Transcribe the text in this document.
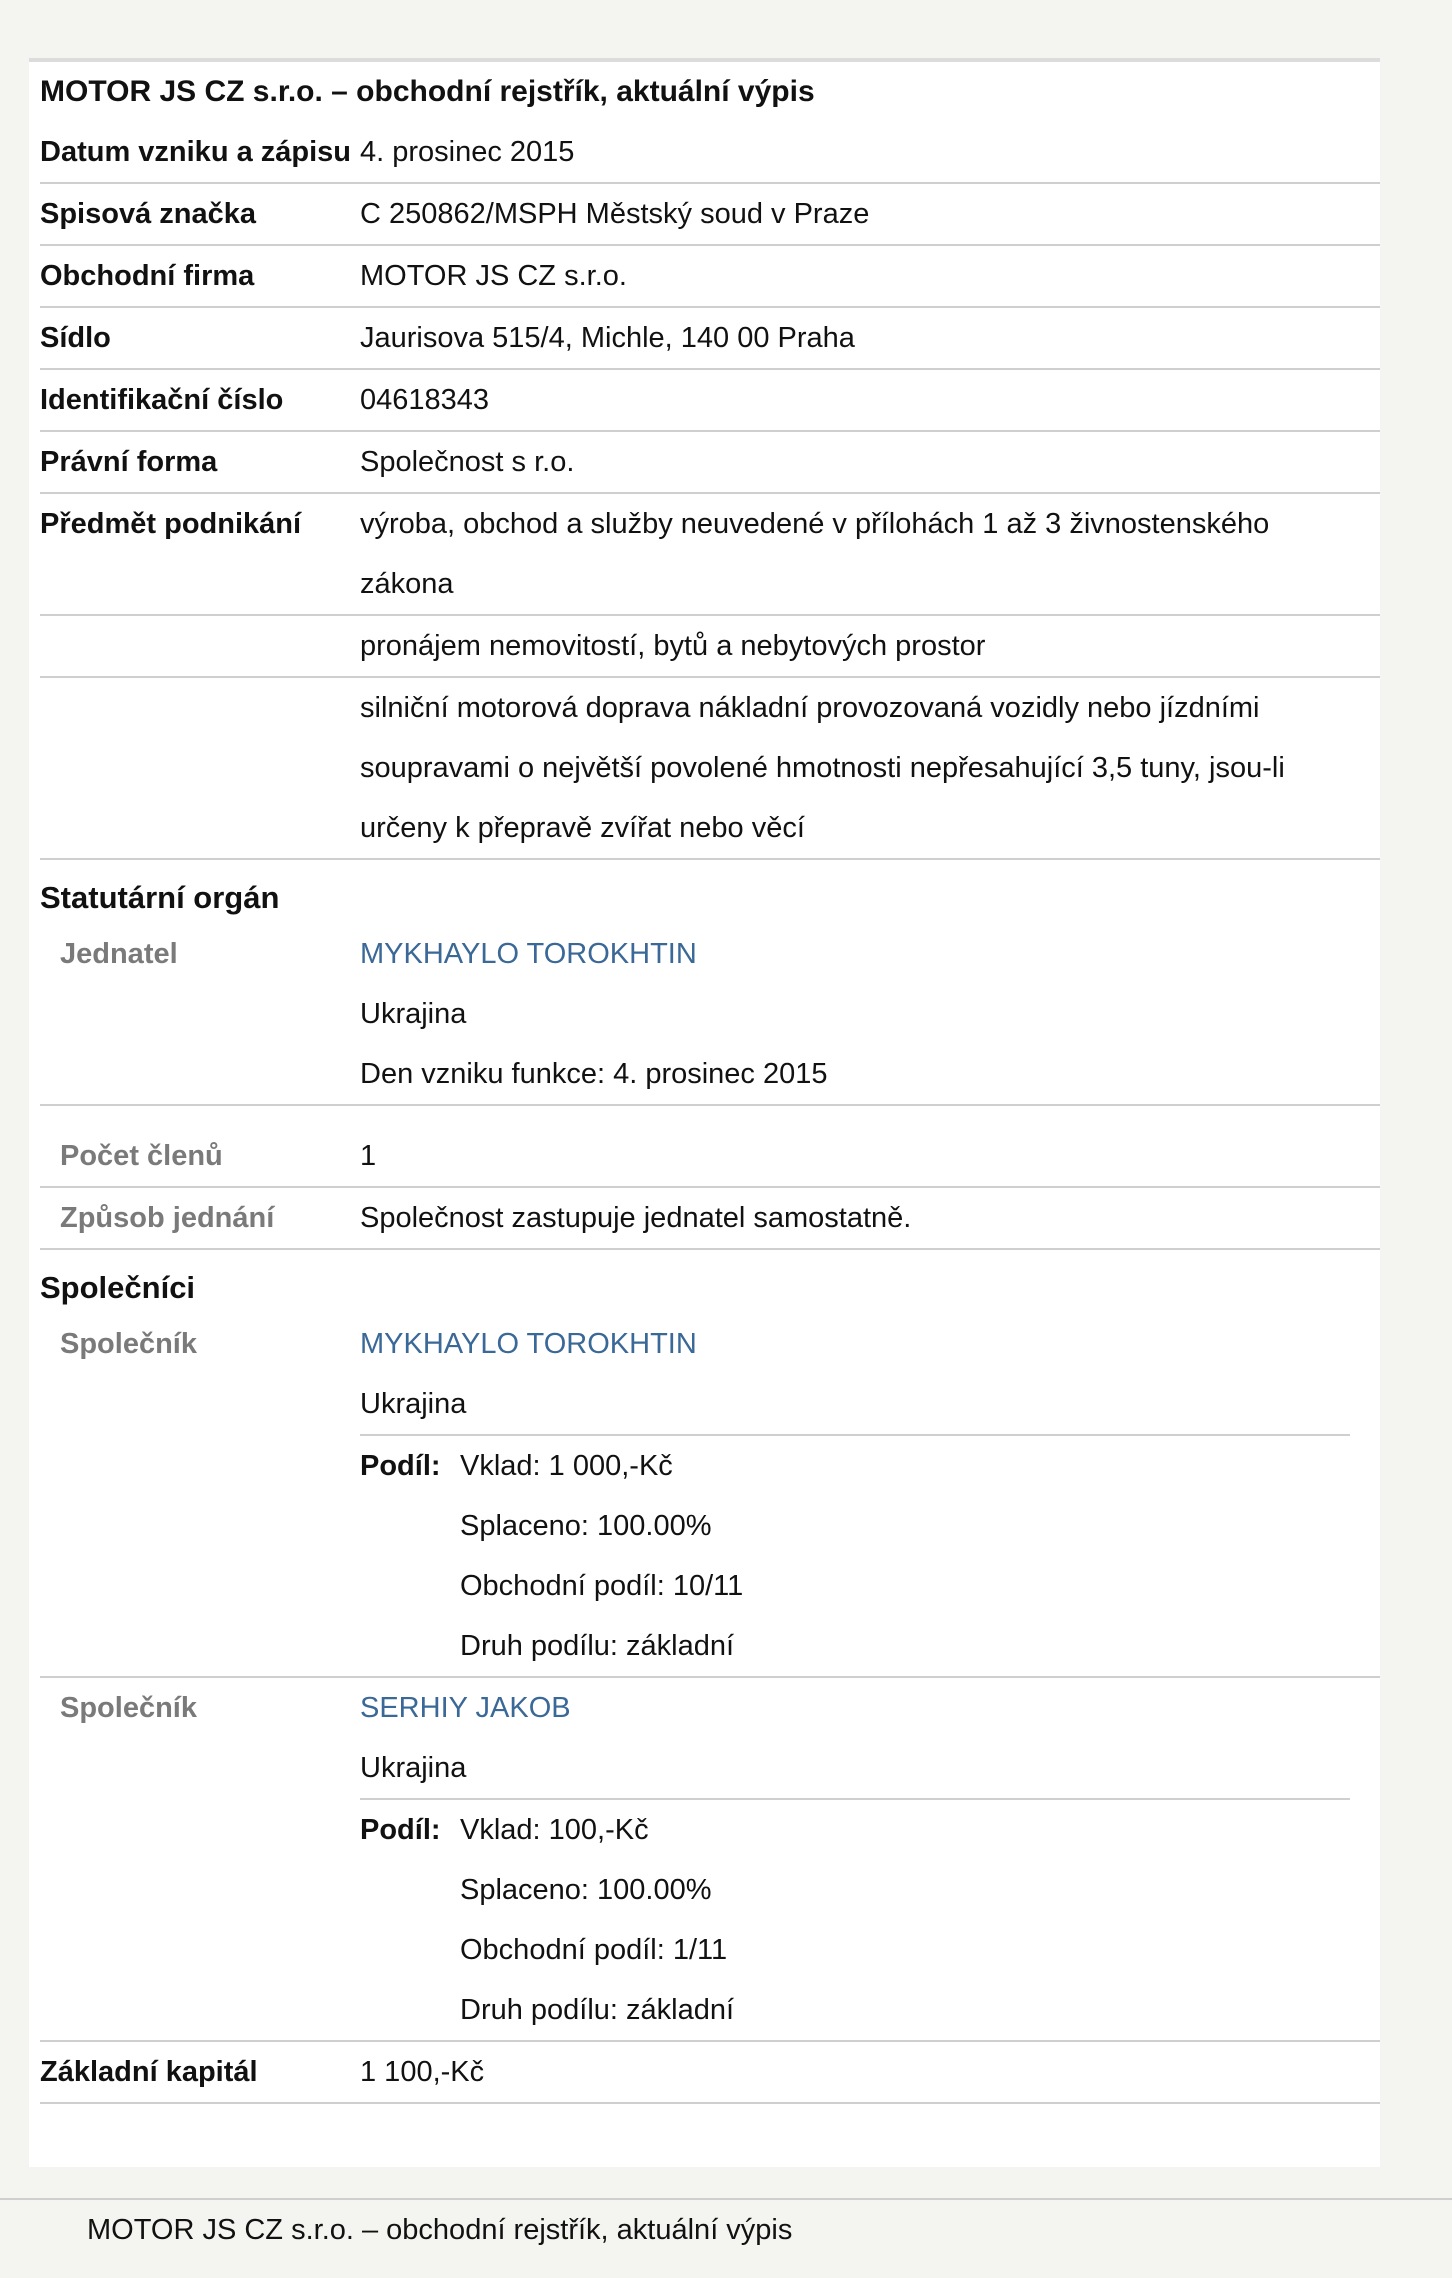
MOTOR JS CZ s.r.o. – obchodní rejstřík, aktuální výpis
Datum vzniku a zápisu 4. prosinec 2015
Spisová značka	C 250862/MSPH Městský soud v Praze
Obchodní firma	MOTOR JS CZ s.r.o.
Sídlo	Jaurisova 515/4, Michle, 140 00 Praha
Identifikační číslo	04618343
Právní forma	Společnost s r.o.
Předmět podnikání	výroba, obchod a služby neuvedené v přílohách 1 až 3 živnostenského zákona
pronájem nemovitostí, bytů a nebytových prostor
silniční motorová doprava nákladní provozovaná vozidly nebo jízdními soupravami o největší povolené hmotnosti nepřesahující 3,5 tuny, jsou-li určeny k přepravě zvířat nebo věcí
Statutární orgán
Jednatel	MYKHAYLO TOROKHTIN
Ukrajina
Den vzniku funkce: 4. prosinec 2015
Počet členů	1
Způsob jednání	Společnost zastupuje jednatel samostatně.
Společníci
Společník	MYKHAYLO TOROKHTIN
Ukrajina
Podíl: Vklad: 1 000,-Kč
Splaceno: 100.00%
Obchodní podíl: 10/11
Druh podílu: základní
Společník	SERHIY JAKOB
Ukrajina
Podíl: Vklad: 100,-Kč
Splaceno: 100.00%
Obchodní podíl: 1/11
Druh podílu: základní
Základní kapitál	1 100,-Kč
MOTOR JS CZ s.r.o. – obchodní rejstřík, aktuální výpis
